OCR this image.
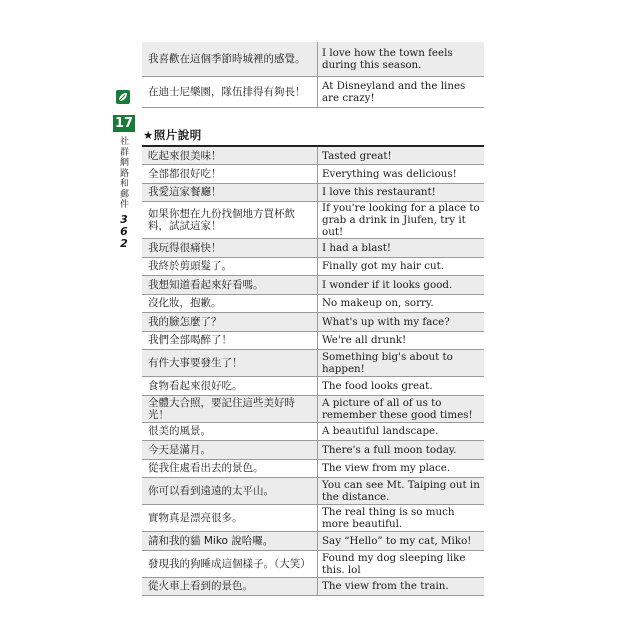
我喜歡在這個季節時城裡的感覺。	I love how the town feels during this season.
在迪士尼樂園，隊伍排得有夠長！	At Disneyland and the lines are crazy!
17
社
群
網
路
和
郵
件
3
6
2
★照片說明
吃起來很美味！	Tasted great!
全部都很好吃！	Everything was delicious!
我愛這家餐廳！	I love this restaurant!
如果你想在九份找個地方買杯飲料，試試這家！	If you're looking for a place to grab a drink in Jiufen, try it out!
我玩得很痛快！	I had a blast!
我終於剪頭髮了。	Finally got my hair cut.
我想知道看起來好看嗎。	I wonder if it looks good.
沒化妝，抱歉。	No makeup on, sorry.
我的臉怎麼了？	What's up with my face?
我們全部喝醉了！	We're all drunk!
有件大事要發生了！	Something big's about to happen!
食物看起來很好吃。	The food looks great.
全體大合照，要記住這些美好時光！	A picture of all of us to remember these good times!
很美的風景。	A beautiful landscape.
今天是滿月。	There's a full moon today.
從我住處看出去的景色。	The view from my place.
你可以看到遠遠的太平山。	You can see Mt. Taiping out in the distance.
實物真是漂亮很多。	The real thing is so much more beautiful.
請和我的貓 Miko 說哈囉。	Say “Hello” to my cat, Miko!
發現我的狗睡成這個樣子。（大笑）	Found my dog sleeping like this. lol
從火車上看到的景色。	The view from the train.
